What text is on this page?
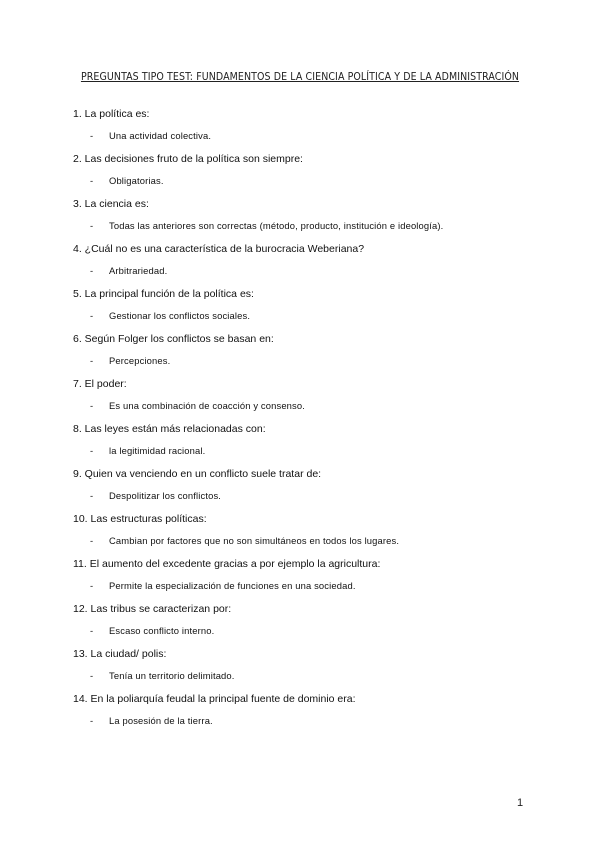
PREGUNTAS TIPO TEST: FUNDAMENTOS DE LA CIENCIA POLÍTICA Y DE LA ADMINISTRACIÓN
1. La política es:
- Una actividad colectiva.
2. Las decisiones fruto de la política son siempre:
- Obligatorias.
3. La ciencia es:
- Todas las anteriores son correctas (método, producto, institución e ideología).
4. ¿Cuál no es una característica de la burocracia Weberiana?
- Arbitrariedad.
5. La principal función de la política es:
- Gestionar los conflictos sociales.
6. Según Folger los conflictos se basan en:
- Percepciones.
7. El poder:
- Es una combinación de coacción y consenso.
8. Las leyes están más relacionadas con:
- la legitimidad racional.
9. Quien va venciendo en un conflicto suele tratar de:
- Despolitizar los conflictos.
10. Las estructuras políticas:
- Cambian por factores que no son simultáneos en todos los lugares.
11. El aumento del excedente gracias a por ejemplo la agricultura:
- Permite la especialización de funciones en una sociedad.
12. Las tribus se caracterizan por:
- Escaso conflicto interno.
13. La ciudad/ polis:
- Tenía un territorio delimitado.
14. En la poliarquía feudal la principal fuente de dominio era:
- La posesión de la tierra.
1
